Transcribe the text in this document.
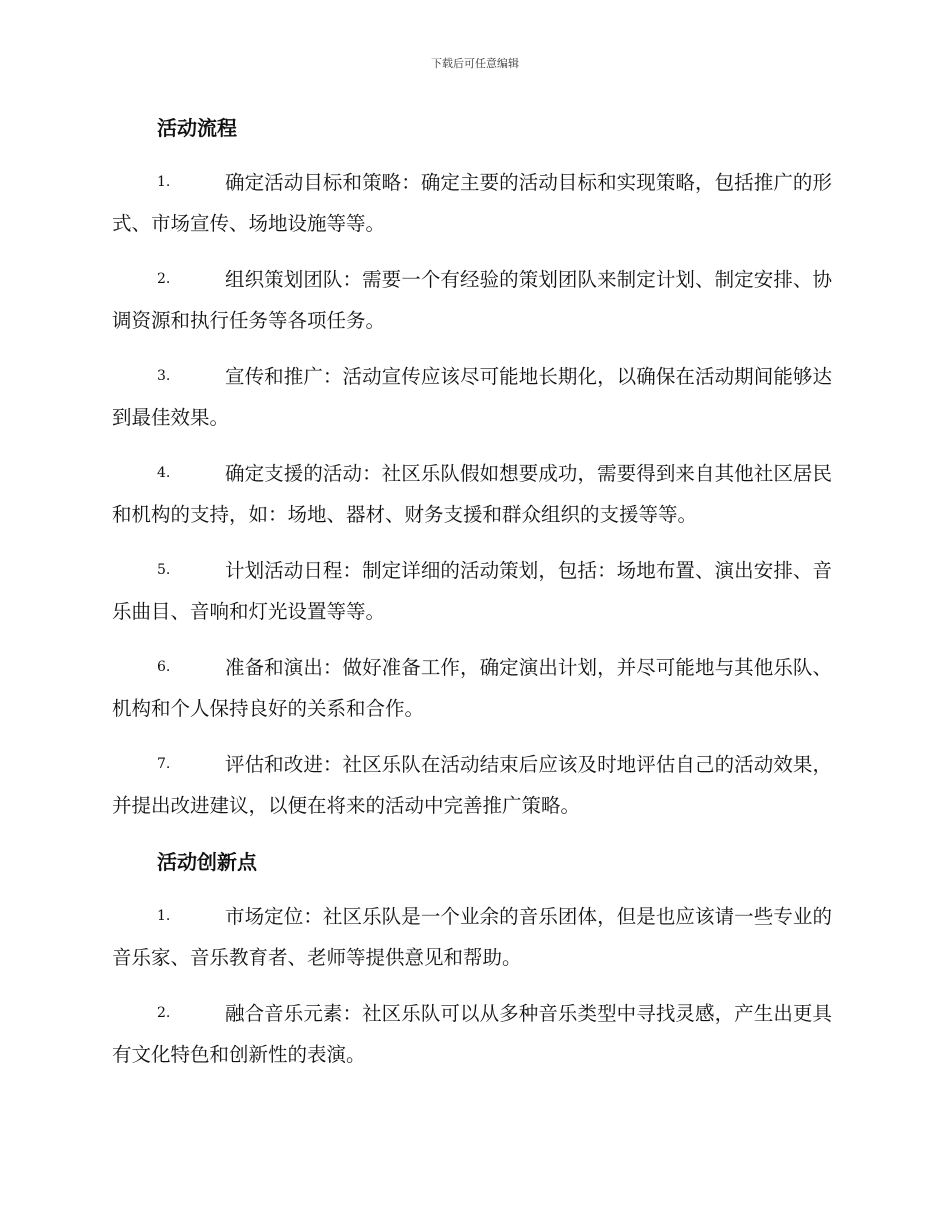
下载后可任意编辑
活动流程
1.	确定活动目标和策略：确定主要的活动目标和实现策略，包括推广的形式、市场宣传、场地设施等等。
2.	组织策划团队：需要一个有经验的策划团队来制定计划、制定安排、协调资源和执行任务等各项任务。
3.	宣传和推广：活动宣传应该尽可能地长期化，以确保在活动期间能够达到最佳效果。
4.	确定支援的活动：社区乐队假如想要成功，需要得到来自其他社区居民和机构的支持，如：场地、器材、财务支援和群众组织的支援等等。
5.	计划活动日程：制定详细的活动策划，包括：场地布置、演出安排、音乐曲目、音响和灯光设置等等。
6.	准备和演出：做好准备工作，确定演出计划，并尽可能地与其他乐队、机构和个人保持良好的关系和合作。
7.	评估和改进：社区乐队在活动结束后应该及时地评估自己的活动效果，并提出改进建议，以便在将来的活动中完善推广策略。
活动创新点
1.	市场定位：社区乐队是一个业余的音乐团体，但是也应该请一些专业的音乐家、音乐教育者、老师等提供意见和帮助。
2.	融合音乐元素：社区乐队可以从多种音乐类型中寻找灵感，产生出更具有文化特色和创新性的表演。
